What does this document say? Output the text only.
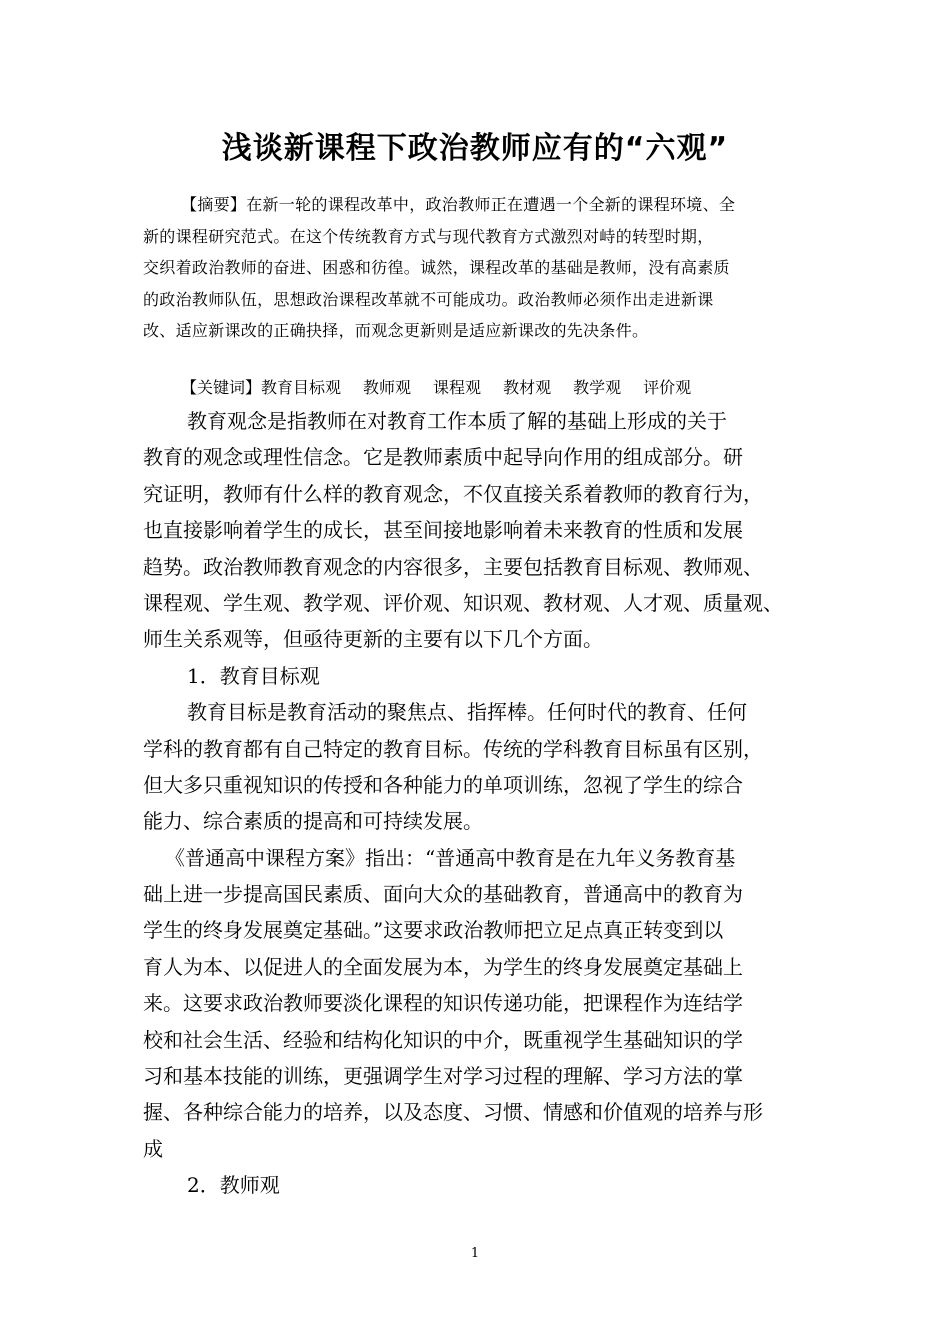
浅谈新课程下政治教师应有的“六观”
【摘要】在新一轮的课程改革中，政治教师正在遭遇一个全新的课程环境、全
新的课程研究范式。在这个传统教育方式与现代教育方式激烈对峙的转型时期，
交织着政治教师的奋进、困惑和彷徨。诚然，课程改革的基础是教师，没有高素质
的政治教师队伍，思想政治课程改革就不可能成功。政治教师必须作出走进新课
改、适应新课改的正确抉择，而观念更新则是适应新课改的先决条件。
【关键词】教育目标观 教师观 课程观 教材观 教学观 评价观
教育观念是指教师在对教育工作本质了解的基础上形成的关于
教育的观念或理性信念。它是教师素质中起导向作用的组成部分。研
究证明，教师有什么样的教育观念，不仅直接关系着教师的教育行为，
也直接影响着学生的成长，甚至间接地影响着未来教育的性质和发展
趋势。政治教师教育观念的内容很多，主要包括教育目标观、教师观、
课程观、学生观、教学观、评价观、知识观、教材观、人才观、质量观、
师生关系观等，但亟待更新的主要有以下几个方面。
1．教育目标观
教育目标是教育活动的聚焦点、指挥棒。任何时代的教育、任何
学科的教育都有自己特定的教育目标。传统的学科教育目标虽有区别，
但大多只重视知识的传授和各种能力的单项训练，忽视了学生的综合
能力、综合素质的提高和可持续发展。
《普通高中课程方案》指出：“普通高中教育是在九年义务教育基
础上进一步提高国民素质、面向大众的基础教育，普通高中的教育为
学生的终身发展奠定基础。”这要求政治教师把立足点真正转变到以
育人为本、以促进人的全面发展为本，为学生的终身发展奠定基础上
来。这要求政治教师要淡化课程的知识传递功能，把课程作为连结学
校和社会生活、经验和结构化知识的中介，既重视学生基础知识的学
习和基本技能的训练，更强调学生对学习过程的理解、学习方法的掌
握、各种综合能力的培养，以及态度、习惯、情感和价值观的培养与形
成
2．教师观
1
